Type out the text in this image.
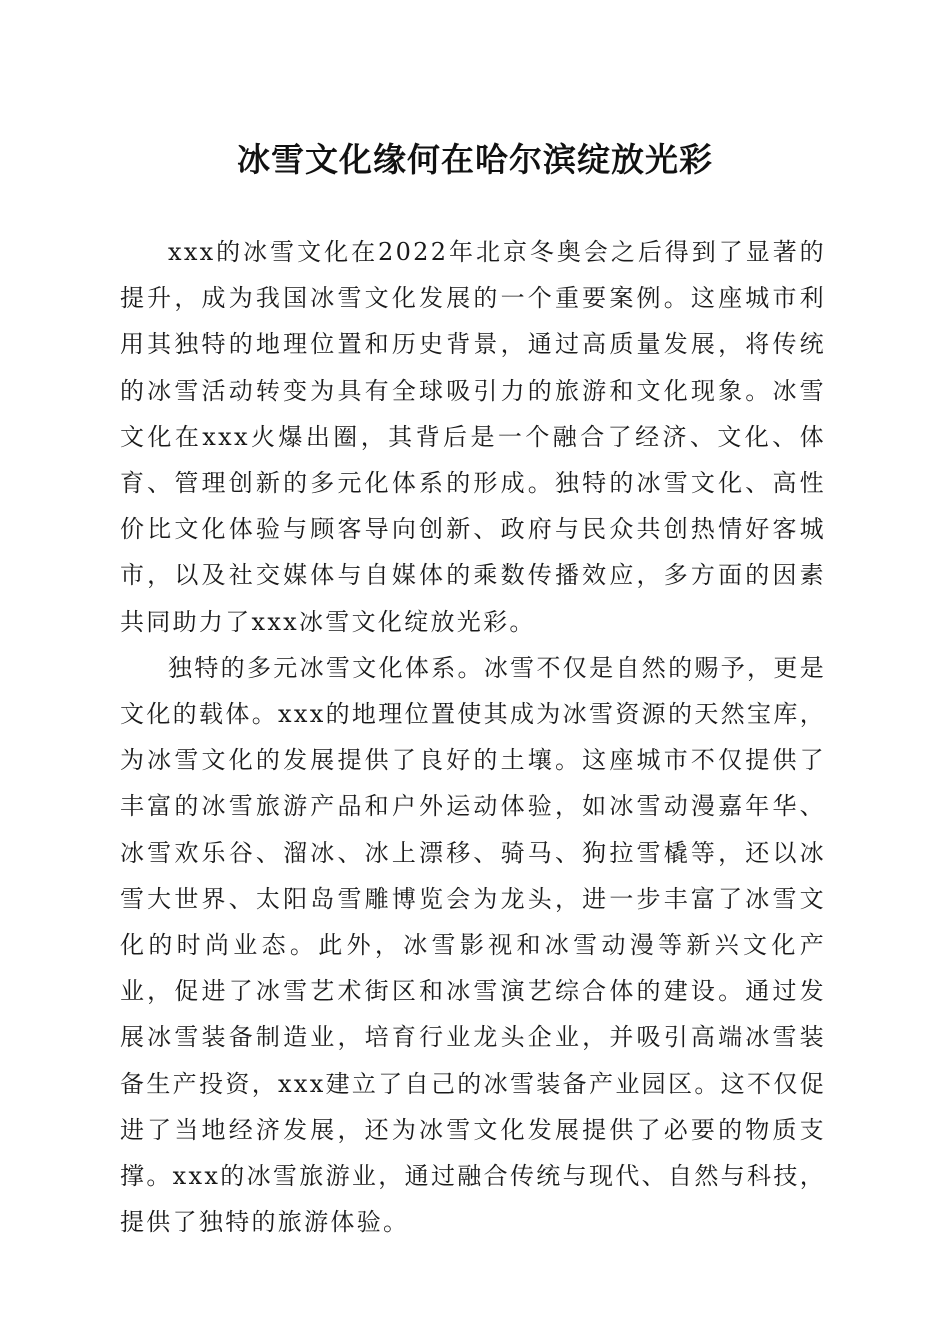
冰雪文化缘何在哈尔滨绽放光彩

xxx的冰雪文化在2022年北京冬奥会之后得到了显著的提升，成为我国冰雪文化发展的一个重要案例。这座城市利用其独特的地理位置和历史背景，通过高质量发展，将传统的冰雪活动转变为具有全球吸引力的旅游和文化现象。冰雪文化在xxx火爆出圈，其背后是一个融合了经济、文化、体育、管理创新的多元化体系的形成。独特的冰雪文化、高性价比文化体验与顾客导向创新、政府与民众共创热情好客城市，以及社交媒体与自媒体的乘数传播效应，多方面的因素共同助力了xxx冰雪文化绽放光彩。

独特的多元冰雪文化体系。冰雪不仅是自然的赐予，更是文化的载体。xxx的地理位置使其成为冰雪资源的天然宝库，为冰雪文化的发展提供了良好的土壤。这座城市不仅提供了丰富的冰雪旅游产品和户外运动体验，如冰雪动漫嘉年华、冰雪欢乐谷、溜冰、冰上漂移、骑马、狗拉雪橇等，还以冰雪大世界、太阳岛雪雕博览会为龙头，进一步丰富了冰雪文化的时尚业态。此外，冰雪影视和冰雪动漫等新兴文化产业，促进了冰雪艺术街区和冰雪演艺综合体的建设。通过发展冰雪装备制造业，培育行业龙头企业，并吸引高端冰雪装备生产投资，xxx建立了自己的冰雪装备产业园区。这不仅促进了当地经济发展，还为冰雪文化发展提供了必要的物质支撑。xxx的冰雪旅游业，通过融合传统与现代、自然与科技，提供了独特的旅游体验。
